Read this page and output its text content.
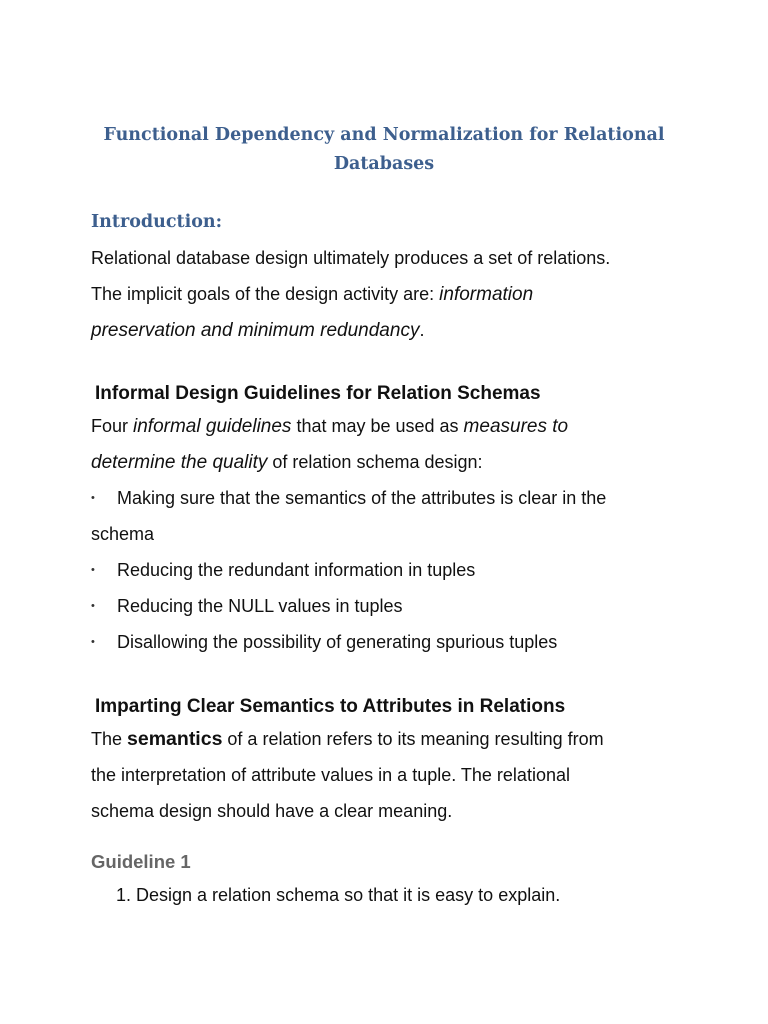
Functional Dependency and Normalization for Relational
Databases
Introduction:
Relational database design ultimately produces a set of relations.
The implicit goals of the design activity are: information
preservation and minimum redundancy.
Informal Design Guidelines for Relation Schemas
Four informal guidelines that may be used as measures to
determine the quality of relation schema design:
• Making sure that the semantics of the attributes is clear in the
schema
• Reducing the redundant information in tuples
• Reducing the NULL values in tuples
• Disallowing the possibility of generating spurious tuples
Imparting Clear Semantics to Attributes in Relations
The semantics of a relation refers to its meaning resulting from
the interpretation of attribute values in a tuple. The relational
schema design should have a clear meaning.
Guideline 1
1. Design a relation schema so that it is easy to explain.
